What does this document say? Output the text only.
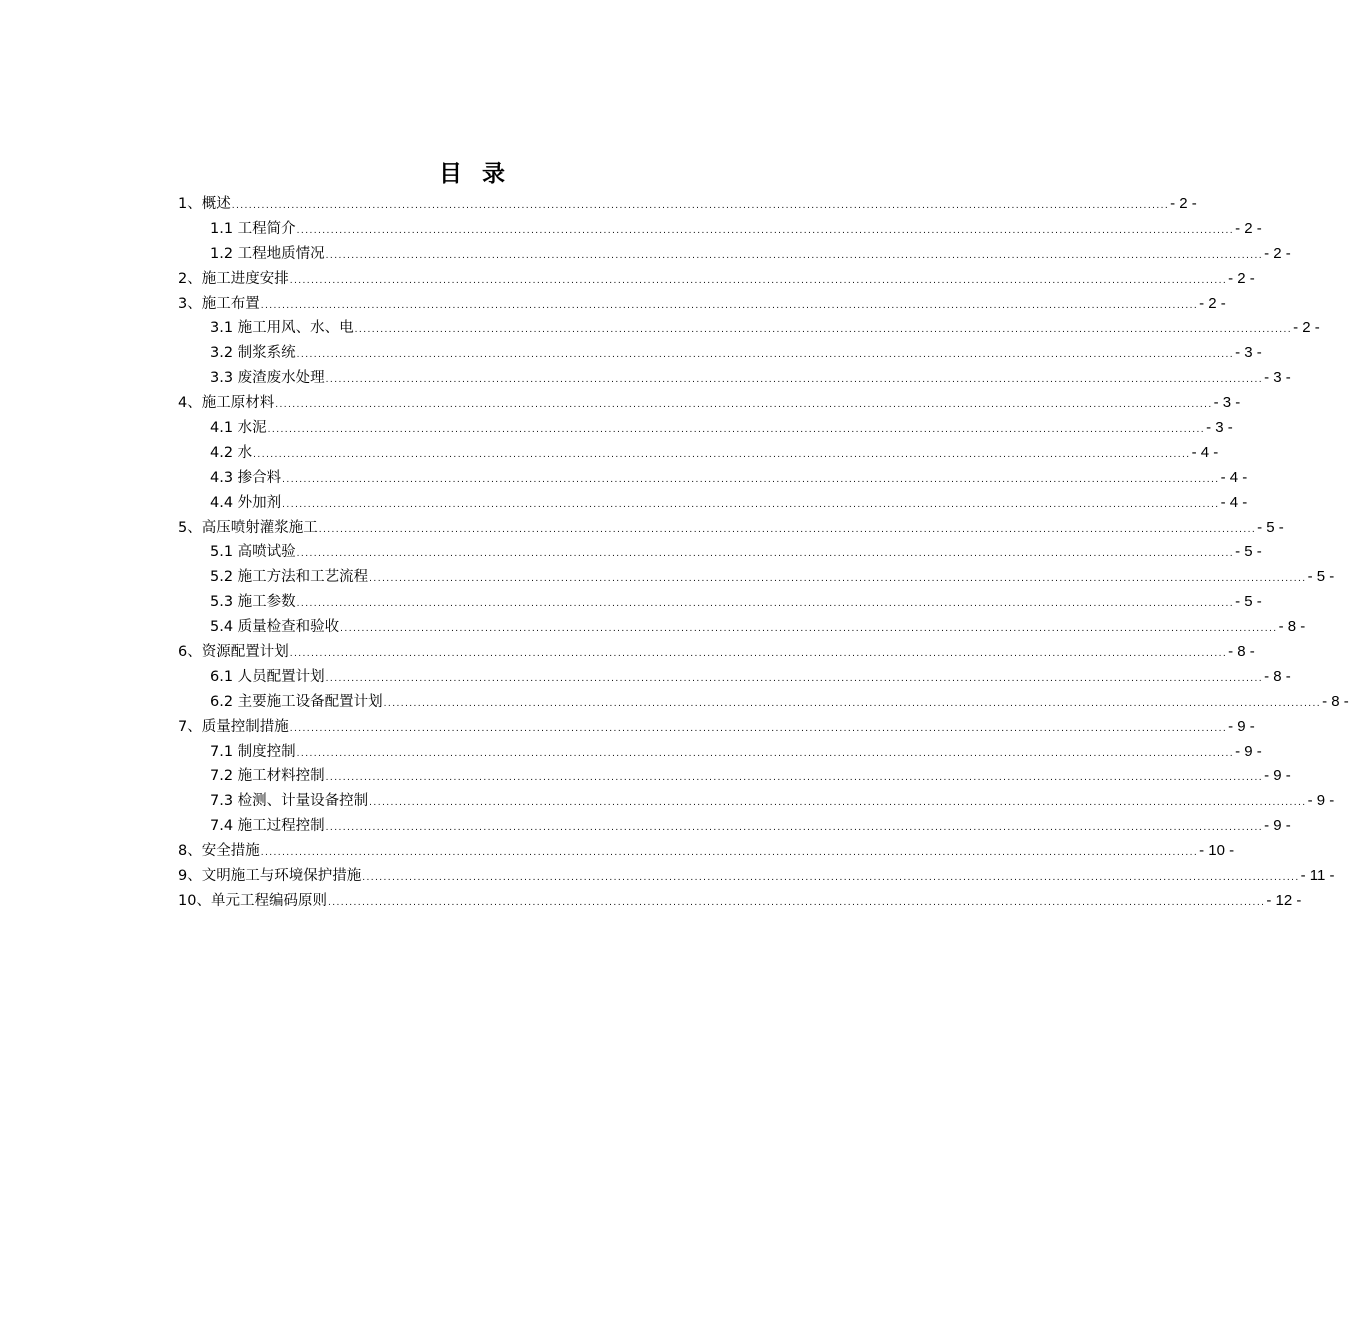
目 录
1、概述 ............................................................................................................................................................................................................................ - 2 -
1.1 工程简介 ............................................................................................................................................................................................................................ - 2 -
1.2 工程地质情况 ............................................................................................................................................................................................................................ - 2 -
2、施工进度安排 ............................................................................................................................................................................................................................ - 2 -
3、施工布置 ............................................................................................................................................................................................................................ - 2 -
3.1 施工用风、水、电 ............................................................................................................................................................................................................................ - 2 -
3.2 制浆系统 ............................................................................................................................................................................................................................ - 3 -
3.3 废渣废水处理 ............................................................................................................................................................................................................................ - 3 -
4、施工原材料 ............................................................................................................................................................................................................................ - 3 -
4.1 水泥 ............................................................................................................................................................................................................................ - 3 -
4.2 水 ............................................................................................................................................................................................................................ - 4 -
4.3 掺合料 ............................................................................................................................................................................................................................ - 4 -
4.4 外加剂 ............................................................................................................................................................................................................................ - 4 -
5、高压喷射灌浆施工 ............................................................................................................................................................................................................................ - 5 -
5.1 高喷试验 ............................................................................................................................................................................................................................ - 5 -
5.2 施工方法和工艺流程 ............................................................................................................................................................................................................................ - 5 -
5.3 施工参数 ............................................................................................................................................................................................................................ - 5 -
5.4 质量检查和验收 ............................................................................................................................................................................................................................ - 8 -
6、资源配置计划 ............................................................................................................................................................................................................................ - 8 -
6.1 人员配置计划 ............................................................................................................................................................................................................................ - 8 -
6.2 主要施工设备配置计划 ............................................................................................................................................................................................................................ - 8 -
7、质量控制措施 ............................................................................................................................................................................................................................ - 9 -
7.1 制度控制 ............................................................................................................................................................................................................................ - 9 -
7.2 施工材料控制 ............................................................................................................................................................................................................................ - 9 -
7.3 检测、计量设备控制 ............................................................................................................................................................................................................................ - 9 -
7.4 施工过程控制 ............................................................................................................................................................................................................................ - 9 -
8、安全措施 ............................................................................................................................................................................................................................ - 10 -
9、文明施工与环境保护措施 ............................................................................................................................................................................................................................ - 11 -
10、单元工程编码原则 ............................................................................................................................................................................................................................ - 12 -
